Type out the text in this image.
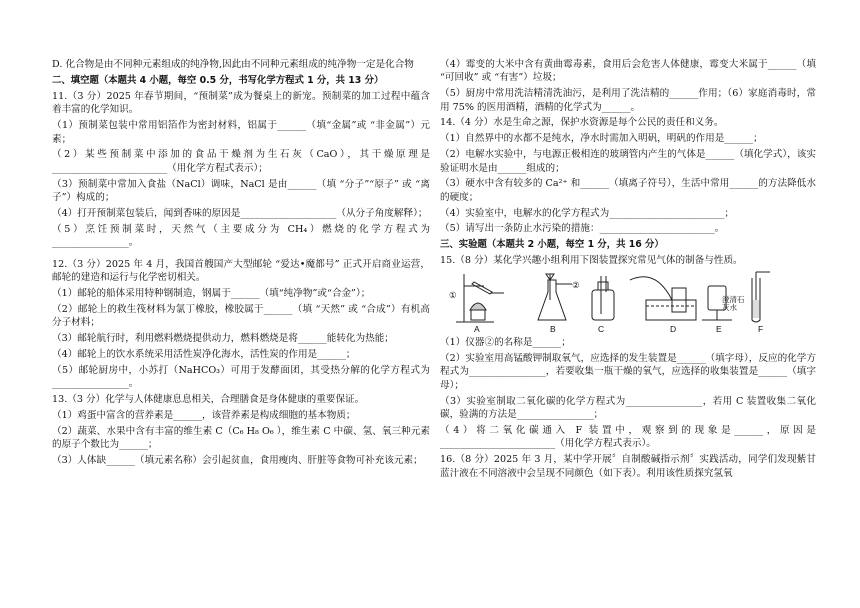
D. 化合物是由不同种元素组成的纯净物,因此由不同种元素组成的纯净物一定是化合物

二、填空题（本题共 4 小题，每空 0.5 分，书写化学方程式 1 分，共 13 分）

11.（3 分）2025 年春节期间，“预制菜”成为餐桌上的新宠。预制菜的加工过程中蕴含着丰富的化学知识。

（1）预制菜包装中常用铝箔作为密封材料，铝属于______（填“金属”或 “非金属”）元素；

（2）某些预制菜中添加的食品干燥剂为生石灰（CaO），其干燥原理是________________________（用化学方程式表示）；

（3）预制菜中常加入食盐（NaCl）调味，NaCl 是由______（填 “分子”“原子” 或 “离子”）构成的；

（4）打开预制菜包装后，闻到香味的原因是____________________（从分子角度解释）；

（5）烹饪预制菜时，天然气（主要成分为 CH₄）燃烧的化学方程式为________________。

12.（3 分）2025 年 4 月，我国首艘国产大型邮轮 “爱达•魔都号” 正式开启商业运营，邮轮的建造和运行与化学密切相关。

（1）邮轮的船体采用特种钢制造，钢属于______（填“纯净物”或“合金”）；

（2）邮轮上的救生筏材料为氯丁橡胶，橡胶属于______（填 “天然” 或 “合成”）有机高分子材料；

（3）邮轮航行时，利用燃料燃烧提供动力，燃料燃烧是将______能转化为热能；

（4）邮轮上的饮水系统采用活性炭净化海水，活性炭的作用是______；

（5）邮轮厨房中，小苏打（NaHCO₃）可用于发酵面团，其受热分解的化学方程式为________________。

13.（3 分）化学与人体健康息息相关，合理膳食是身体健康的重要保证。

（1）鸡蛋中富含的营养素是______，该营养素是构成细胞的基本物质；

（2）蔬菜、水果中含有丰富的维生素 C（C₆ H₈ O₆ ），维生素 C 中碳、氢、氧三种元素的原子个数比为______；

（3）人体缺______（填元素名称）会引起贫血，食用瘦肉、肝脏等食物可补充该元素；

（4）霉变的大米中含有黄曲霉毒素，食用后会危害人体健康，霉变大米属于______（填 “可回收” 或 “有害”）垃圾；

（5）厨房中常用洗洁精清洗油污，是利用了洗洁精的______作用；（6）家庭消毒时，常用 75% 的医用酒精，酒精的化学式为______。

14.（4 分）水是生命之源，保护水资源是每个公民的责任和义务。

（1）自然界中的水都不是纯水，净水时需加入明矾，明矾的作用是______；

（2）电解水实验中，与电源正极相连的玻璃管内产生的气体是______（填化学式），该实验证明水是由______组成的；

（3）硬水中含有较多的 Ca²⁺ 和______（填离子符号），生活中常用______的方法降低水的硬度；

（4）实验室中，电解水的化学方程式为________________________；

（5）请写出一条防止水污染的措施：________________________。

三、实验题（本题共 2 小题，每空 1 分，共 16 分）

15.（8 分）某化学兴趣小组利用下图装置探究常见气体的制备与性质。

①
②
A	B	C	D	E	F
澄清石灰水

（1）仪器②的名称是______；

（2）实验室用高锰酸钾制取氧气，应选择的发生装置是______（填字母），反应的化学方程式为________________，若要收集一瓶干燥的氧气，应选择的收集装置是______（填字母）；

（3）实验室制取二氧化碳的化学方程式为________________，若用 C 装置收集二氧化碳，验满的方法是________________；

（4）将二氧化碳通入 F 装置中，观察到的现象是______，原因是________________________（用化学方程式表示）。

16.（8 分）2025 年 3 月，某中学开展〞自制酸碱指示剂〞实践活动，同学们发现紫甘蓝汁液在不同溶液中会呈现不同颜色（如下表）。利用该性质探究氢氧
